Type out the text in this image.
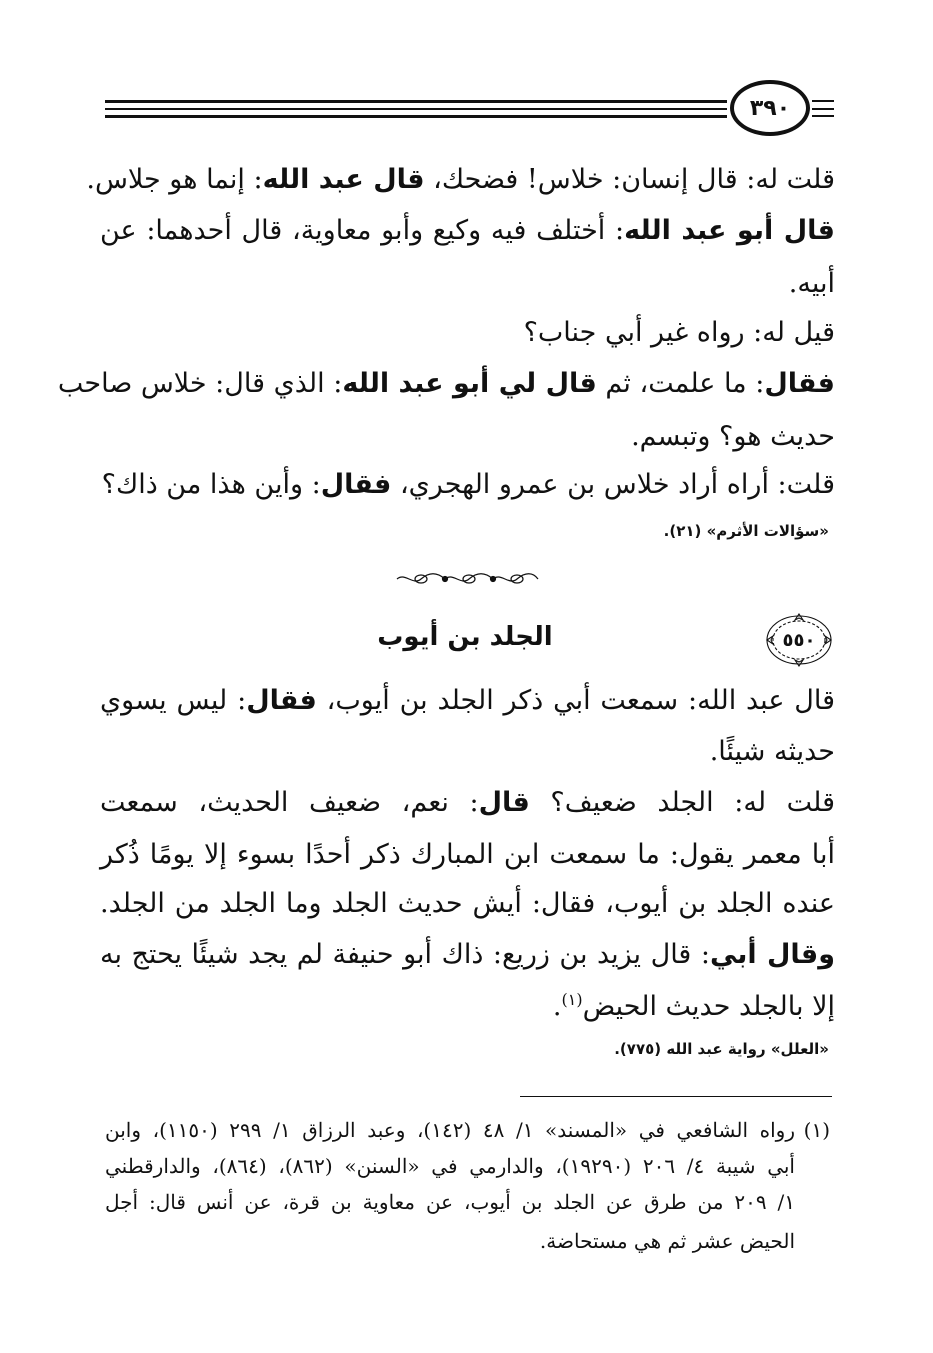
٣٩٠
قلت له: قال إنسان: خلاس! فضحك، قال عبد الله: إنما هو جلاس.
قال أبو عبد الله: أختلف فيه وكيع وأبو معاوية، قال أحدهما: عن
أبيه.
قيل له: رواه غير أبي جناب؟
فقال: ما علمت، ثم قال لي أبو عبد الله: الذي قال: خلاس صاحب
حديث هو؟ وتبسم.
قلت: أراه أراد خلاس بن عمرو الهجري، فقال: وأين هذا من ذاك؟
«سؤالات الأثرم» (٢١).
٥٥٠
الجلد بن أيوب
قال عبد الله: سمعت أبي ذكر الجلد بن أيوب، فقال: ليس يسوي
حديثه شيئًا.
قلت له: الجلد ضعيف؟ قال: نعم، ضعيف الحديث، سمعت
أبا معمر يقول: ما سمعت ابن المبارك ذكر أحدًا بسوء إلا يومًا ذُكر
عنده الجلد بن أيوب، فقال: أيش حديث الجلد وما الجلد من الجلد.
وقال أبي: قال يزيد بن زريع: ذاك أبو حنيفة لم يجد شيئًا يحتج به
إلا بالجلد حديث الحيض$^{(١)}$.
«العلل» رواية عبد الله (٧٧٥).
(١)
رواه الشافعي في «المسند» ١/ ٤٨ (١٤٢)، وعبد الرزاق ١/ ٢٩٩ (١١٥٠)، وابن
أبي شيبة ٤/ ٢٠٦ (١٩٢٩٠)، والدارمي في «السنن» (٨٦٢)، (٨٦٤)، والدارقطني
١/ ٢٠٩ من طرق عن الجلد بن أيوب، عن معاوية بن قرة، عن أنس قال: أجل
الحيض عشر ثم هي مستحاضة.
